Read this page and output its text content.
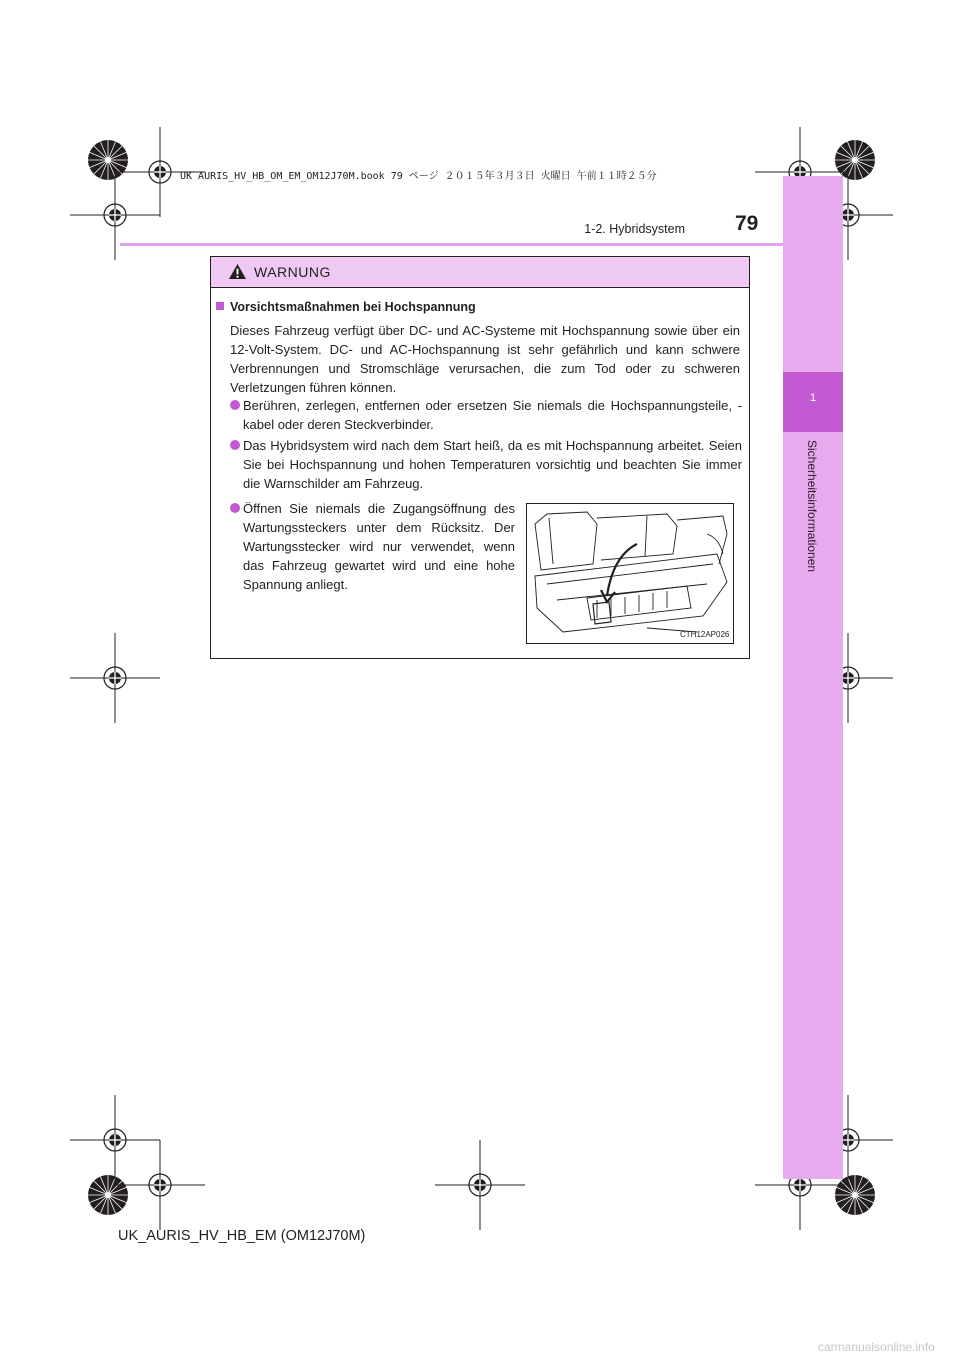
UK AURIS_HV_HB_OM_EM_OM12J70M.book 79 ページ ２０１５年３月３日 火曜日 午前１１時２５分
1
Sicherheitsinformationen
1-2. Hybridsystem 79
WARNUNG
Vorsichtsmaßnahmen bei Hochspannung
Dieses Fahrzeug verfügt über DC- und AC-Systeme mit Hochspannung sowie über ein 12-Volt-System. DC- und AC-Hochspannung ist sehr gefährlich und kann schwere Verbrennungen und Stromschläge verursachen, die zum Tod oder zu schweren Verletzungen führen können.
Berühren, zerlegen, entfernen oder ersetzen Sie niemals die Hochspannungsteile, -kabel oder deren Steckverbinder.
Das Hybridsystem wird nach dem Start heiß, da es mit Hochspannung arbeitet. Seien Sie bei Hochspannung und hohen Temperaturen vorsichtig und beachten Sie immer die Warnschilder am Fahrzeug.
Öffnen Sie niemals die Zugangsöffnung des Wartungssteckers unter dem Rücksitz. Der Wartungsstecker wird nur verwendet, wenn das Fahrzeug gewartet wird und eine hohe Spannung anliegt.
CTH12AP026
UK_AURIS_HV_HB_EM (OM12J70M)
carmanualsonline.info
